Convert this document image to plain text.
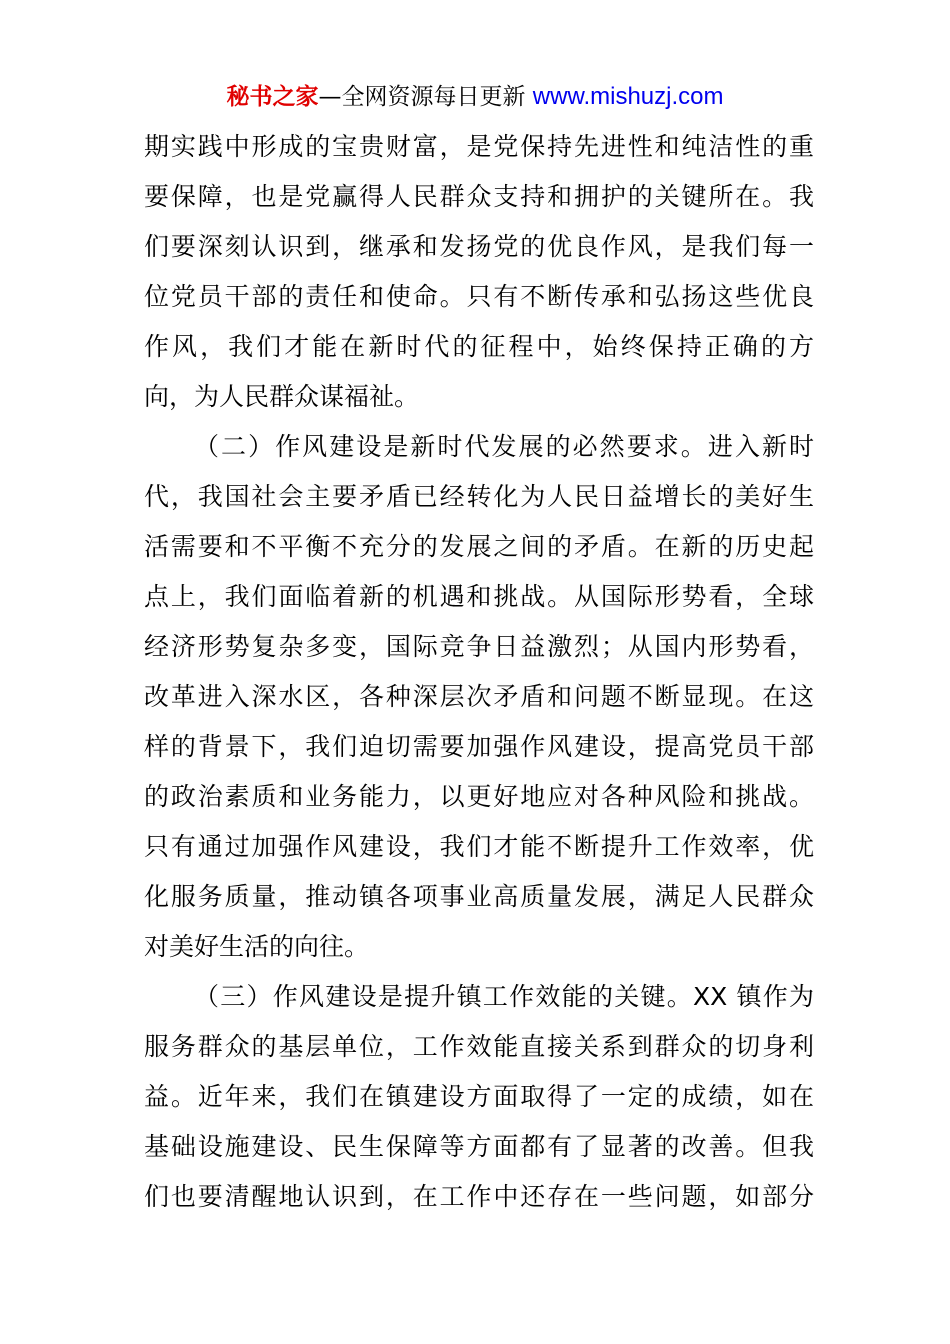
秘书之家—全网资源每日更新 www.mishuzj.com
期实践中形成的宝贵财富，是党保持先进性和纯洁性的重
要保障，也是党赢得人民群众支持和拥护的关键所在。我
们要深刻认识到，继承和发扬党的优良作风，是我们每一
位党员干部的责任和使命。只有不断传承和弘扬这些优良
作风，我们才能在新时代的征程中，始终保持正确的方
向，为人民群众谋福祉。
（二）作风建设是新时代发展的必然要求。进入新时
代，我国社会主要矛盾已经转化为人民日益增长的美好生
活需要和不平衡不充分的发展之间的矛盾。在新的历史起
点上，我们面临着新的机遇和挑战。从国际形势看，全球
经济形势复杂多变，国际竞争日益激烈；从国内形势看，
改革进入深水区，各种深层次矛盾和问题不断显现。在这
样的背景下，我们迫切需要加强作风建设，提高党员干部
的政治素质和业务能力，以更好地应对各种风险和挑战。
只有通过加强作风建设，我们才能不断提升工作效率，优
化服务质量，推动镇各项事业高质量发展，满足人民群众
对美好生活的向往。
（三）作风建设是提升镇工作效能的关键。XX 镇作为
服务群众的基层单位，工作效能直接关系到群众的切身利
益。近年来，我们在镇建设方面取得了一定的成绩，如在
基础设施建设、民生保障等方面都有了显著的改善。但我
们也要清醒地认识到，在工作中还存在一些问题，如部分
